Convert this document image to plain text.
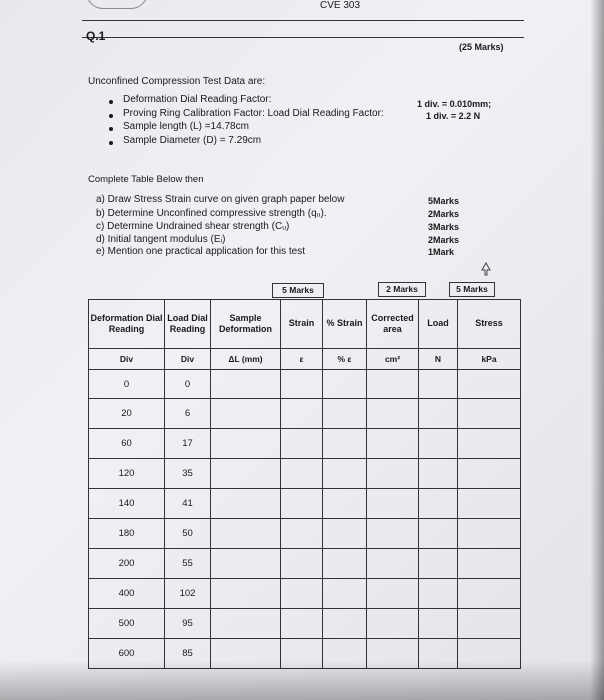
CVE 303
Q.1
(25 Marks)
Unconfined Compression Test Data are:
Deformation Dial Reading Factor:	1 div. = 0.010mm;
Proving Ring Calibration Factor: Load Dial Reading Factor:	1 div. = 2.2 N
Sample length (L) =14.78cm
Sample Diameter (D) = 7.29cm
Complete Table Below then
a) Draw Stress Strain curve on given graph paper below	5Marks
b) Determine Unconfined compressive strength (qᵤ).	2Marks
c) Determine Undrained shear strength (Cᵤ)	3Marks
d) Initial tangent modulus (Eᵢ)	2Marks
e) Mention one practical application for this test	1Mark
5 Marks	2 Marks	5 Marks
Deformation Dial Reading	Load Dial Reading	Sample Deformation	Strain	% Strain	Corrected area	Load	Stress
Div	Div	ΔL (mm)	ε	% ε	cm²	N	kPa
0	0						
20	6						
60	17						
120	35						
140	41						
180	50						
200	55						
400	102						
500	95						
600	85						
